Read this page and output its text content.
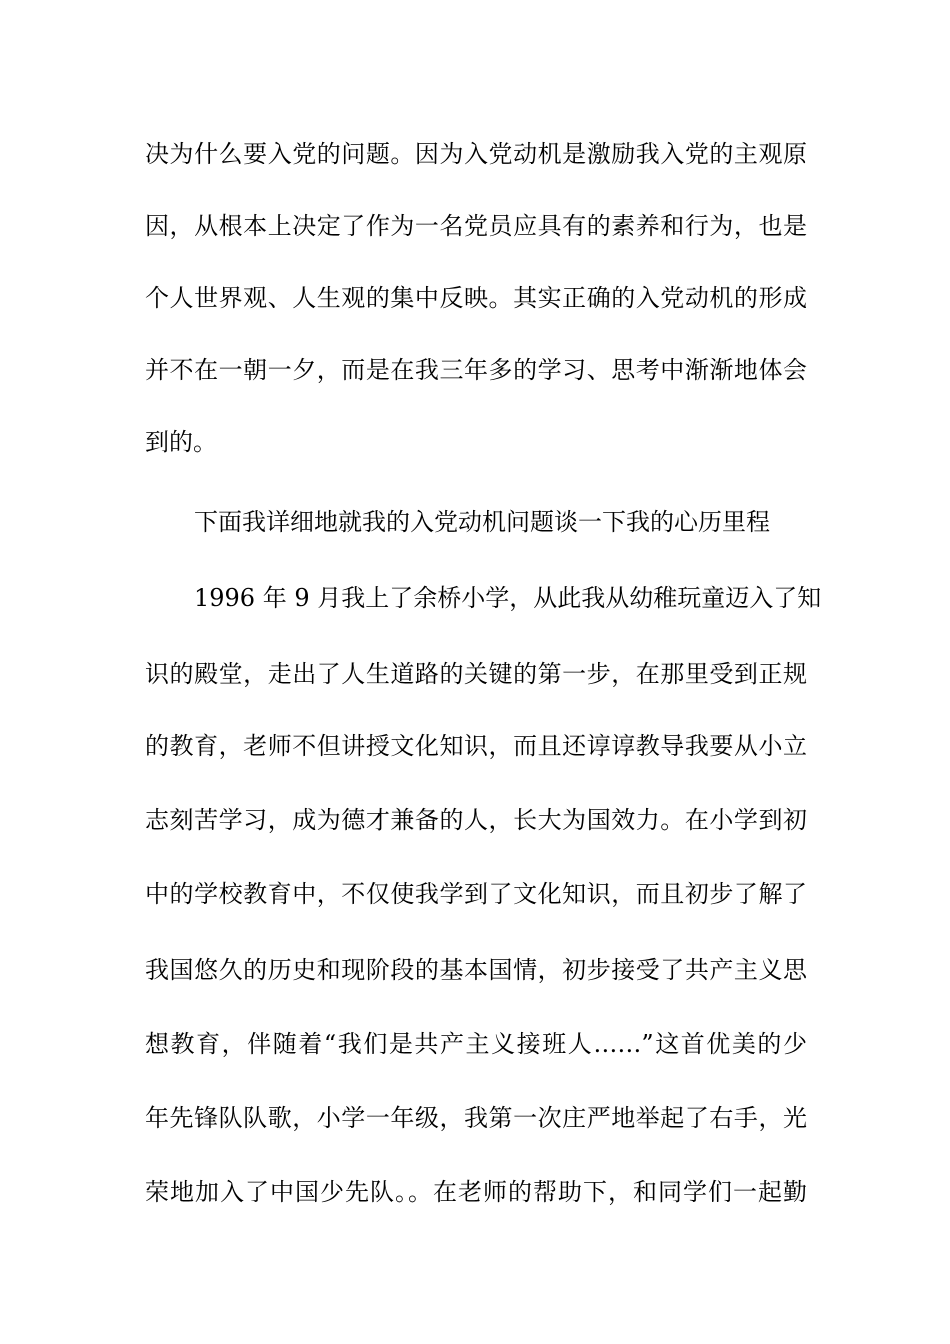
决为什么要入党的问题。因为入党动机是激励我入党的主观原
因，从根本上决定了作为一名党员应具有的素养和行为，也是
个人世界观、人生观的集中反映。其实正确的入党动机的形成
并不在一朝一夕，而是在我三年多的学习、思考中渐渐地体会
到的。
下面我详细地就我的入党动机问题谈一下我的心历里程
1996 年 9 月我上了余桥小学，从此我从幼稚玩童迈入了知
识的殿堂，走出了人生道路的关键的第一步，在那里受到正规
的教育，老师不但讲授文化知识，而且还谆谆教导我要从小立
志刻苦学习，成为德才兼备的人，长大为国效力。在小学到初
中的学校教育中，不仅使我学到了文化知识，而且初步了解了
我国悠久的历史和现阶段的基本国情，初步接受了共产主义思
想教育，伴随着“我们是共产主义接班人……”这首优美的少
年先锋队队歌，小学一年级，我第一次庄严地举起了右手，光
荣地加入了中国少先队。。在老师的帮助下，和同学们一起勤
